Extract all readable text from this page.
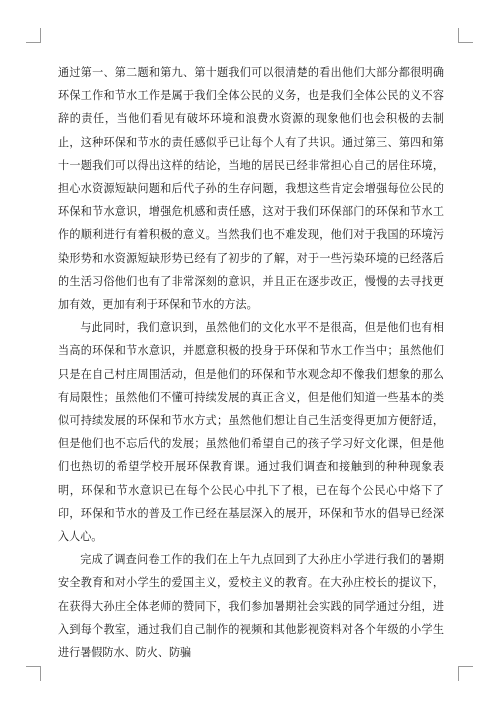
通过第一、第二题和第九、第十题我们可以很清楚的看出他们大部分都很明确环保工作和节水工作是属于我们全体公民的义务，也是我们全体公民的义不容辞的责任，当他们看见有破坏环境和浪费水资源的现象他们也会积极的去制止，这种环保和节水的责任感似乎已让每个人有了共识。通过第三、第四和第十一题我们可以得出这样的结论，当地的居民已经非常担心自己的居住环境，担心水资源短缺问题和后代子孙的生存问题，我想这些肯定会增强每位公民的环保和节水意识，增强危机感和责任感，这对于我们环保部门的环保和节水工作的顺利进行有着积极的意义。当然我们也不难发现，他们对于我国的环境污染形势和水资源短缺形势已经有了初步的了解，对于一些污染环境的已经落后的生活习俗他们也有了非常深刻的意识，并且正在逐步改正，慢慢的去寻找更加有效，更加有利于环保和节水的方法。

与此同时，我们意识到，虽然他们的文化水平不是很高，但是他们也有相当高的环保和节水意识，并愿意积极的投身于环保和节水工作当中；虽然他们只是在自己村庄周围活动，但是他们的环保和节水观念却不像我们想象的那么有局限性；虽然他们不懂可持续发展的真正含义，但是他们知道一些基本的类似可持续发展的环保和节水方式；虽然他们想让自己生活变得更加方便舒适，但是他们也不忘后代的发展；虽然他们希望自己的孩子学习好文化课，但是他们也热切的希望学校开展环保教育课。通过我们调查和接触到的种种现象表明，环保和节水意识已在每个公民心中扎下了根，已在每个公民心中烙下了印，环保和节水的普及工作已经在基层深入的展开，环保和节水的倡导已经深入人心。

完成了调查问卷工作的我们在上午九点回到了大孙庄小学进行我们的暑期安全教育和对小学生的爱国主义，爱校主义的教育。在大孙庄校长的提议下，在获得大孙庄全体老师的赞同下，我们参加暑期社会实践的同学通过分组，进入到每个教室，通过我们自己制作的视频和其他影视资料对各个年级的小学生进行暑假防水、防火、防骗
